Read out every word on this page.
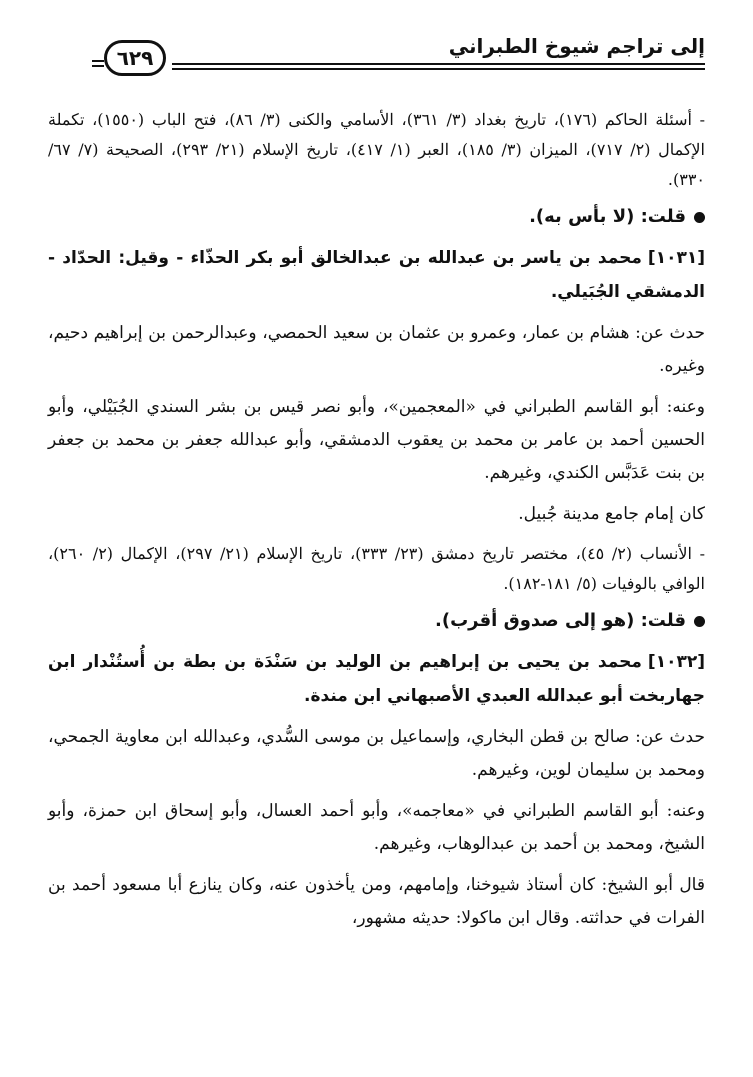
إلى تراجم شيوخ الطبراني
٦٢٩

- أسئلة الحاكم (١٧٦)، تاريخ بغداد (٣/ ٣٦١)، الأسامي والكنى (٣/ ٨٦)، فتح الباب (١٥٥٠)، تكملة الإكمال (٢/ ٧١٧)، الميزان (٣/ ١٨٥)، العبر (١/ ٤١٧)، تاريخ الإسلام (٢١/ ٢٩٣)، الصحيحة (٧/ ٦٧/ ٣٣٠).

قلت: (لا بأس به).

[١٠٣١]محمد بن ياسر بن عبدالله بن عبدالخالق أبو بكر الحذّاء - وقيل: الحدّاد - الدمشقي الجُبَيلي.

حدث عن: هشام بن عمار، وعمرو بن عثمان بن سعيد الحمصي، وعبدالرحمن بن إبراهيم دحيم، وغيره.

وعنه: أبو القاسم الطبراني في «المعجمين»، وأبو نصر قيس بن بشر السندي الجُبَيْلي، وأبو الحسين أحمد بن عامر بن محمد بن يعقوب الدمشقي، وأبو عبدالله جعفر بن محمد بن جعفر بن بنت عَدَبَّس الكندي، وغيرهم.

كان إمام جامع مدينة جُبيل.

- الأنساب (٢/ ٤٥)، مختصر تاريخ دمشق (٢٣/ ٣٣٣)، تاريخ الإسلام (٢١/ ٢٩٧)، الإكمال (٢/ ٢٦٠)، الوافي بالوفيات (٥/ ١٨١-١٨٢).

قلت: (هو إلى صدوق أقرب).

[١٠٣٢]محمد بن يحيى بن إبراهيم بن الوليد بن سَنْدَة بن بطة بن أُستُنْدار ابن جهاربخت أبو عبدالله العبدي الأصبهاني ابن مندة.

حدث عن: صالح بن قطن البخاري، وإسماعيل بن موسى السُّدي، وعبدالله ابن معاوية الجمحي، ومحمد بن سليمان لوين، وغيرهم.

وعنه: أبو القاسم الطبراني في «معاجمه»، وأبو أحمد العسال، وأبو إسحاق ابن حمزة، وأبو الشيخ، ومحمد بن أحمد بن عبدالوهاب، وغيرهم.

قال أبو الشيخ: كان أستاذ شيوخنا، وإمامهم، ومن يأخذون عنه، وكان ينازع أبا مسعود أحمد بن الفرات في حداثته. وقال ابن ماكولا: حديثه مشهور،
